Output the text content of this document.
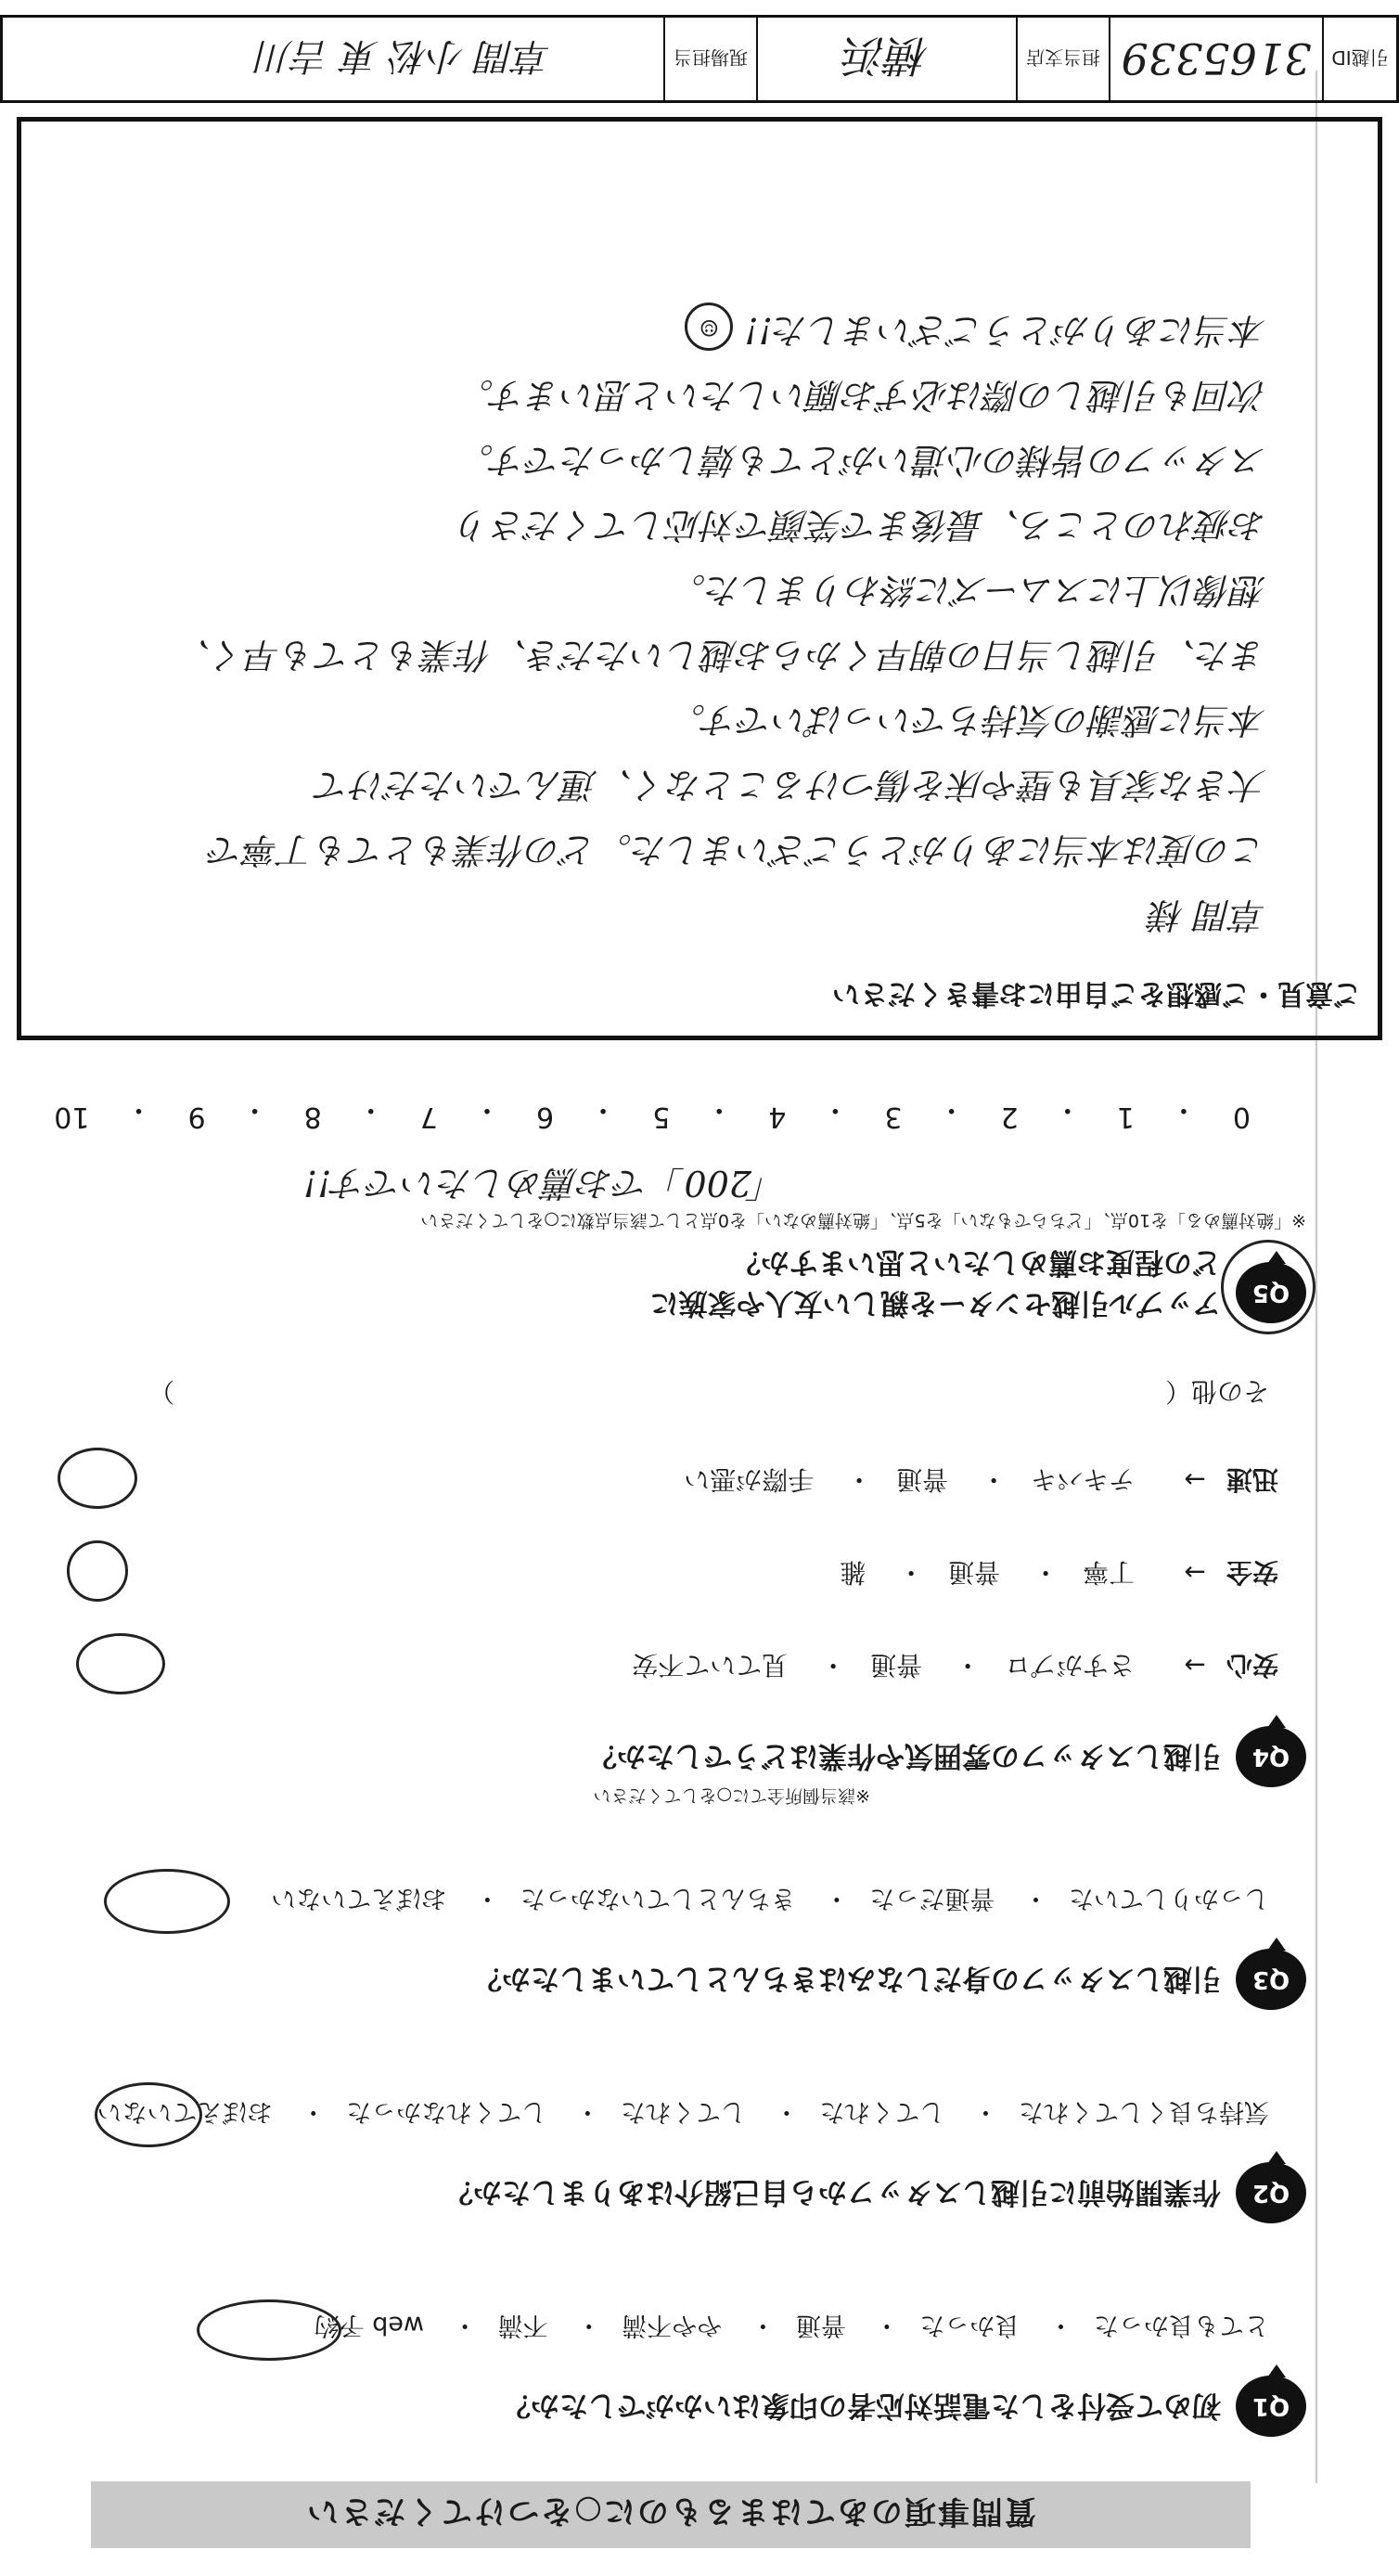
質問事項のあてはまるものに○をつけてください
Q1
初めて受付をした電話対応者の印象はいかがでしたか？
とても良かった・ 良かった・ 普通・ やや不満・ 不満・ web 予約
Q2
作業開始前に引越しスタッフから自己紹介はありましたか？
気持ち良くしてくれた・ してくれた・ してくれた・ してくれなかった・ おぼえていない
Q3
引越しスタッフの身だしなみはきちんとしていましたか？
しっかりしていた・ 普通だった・ きちんとしていなかった・ おぼえていない
Q4
引越しスタッフの雰囲気や作業はどうでしたか？
※該当個所全てに○をしてください
安心→ さすがプロ・ 普通・ 見ていて不安
安全→ 丁寧・ 普通・ 雑
迅速→ テキパキ・ 普通・ 手際が悪い
その他（  ）
Q5
アップル引越センターを親しい友人や家族に
どの程度お薦めしたいと思いますか？
※「絶対薦める」を10点、「どちらでもない」を5点、「絶対薦めない」を0点として該当点数に○をしてください
「200」でお薦めしたいです!!
0
・
1
・
2
・
3
・
4
・
5
・
6
・
7
・
8
・
9
・
10
ご意見・ご感想をご自由にお書きください
草間 様
この度は本当にありがとうございました。どの作業もとても丁寧で
大きな家具も壁や床を傷つけることなく、運んでいただけて
本当に感謝の気持ちでいっぱいです。
また、引越し当日の朝早くからお越しいただき、作業もとても早く、
想像以上にスムーズに終わりました。
お疲れのところ、最後まで笑顔で対応してくださり
スタッフの皆様の心遣いがとても嬉しかったです。
次回も引越しの際は必ずお願いしたいと思います。
本当にありがとうございました!! ☺
引越ID
3165339
担当支店
横浜
現場担当
草間 小松 東

吉川
